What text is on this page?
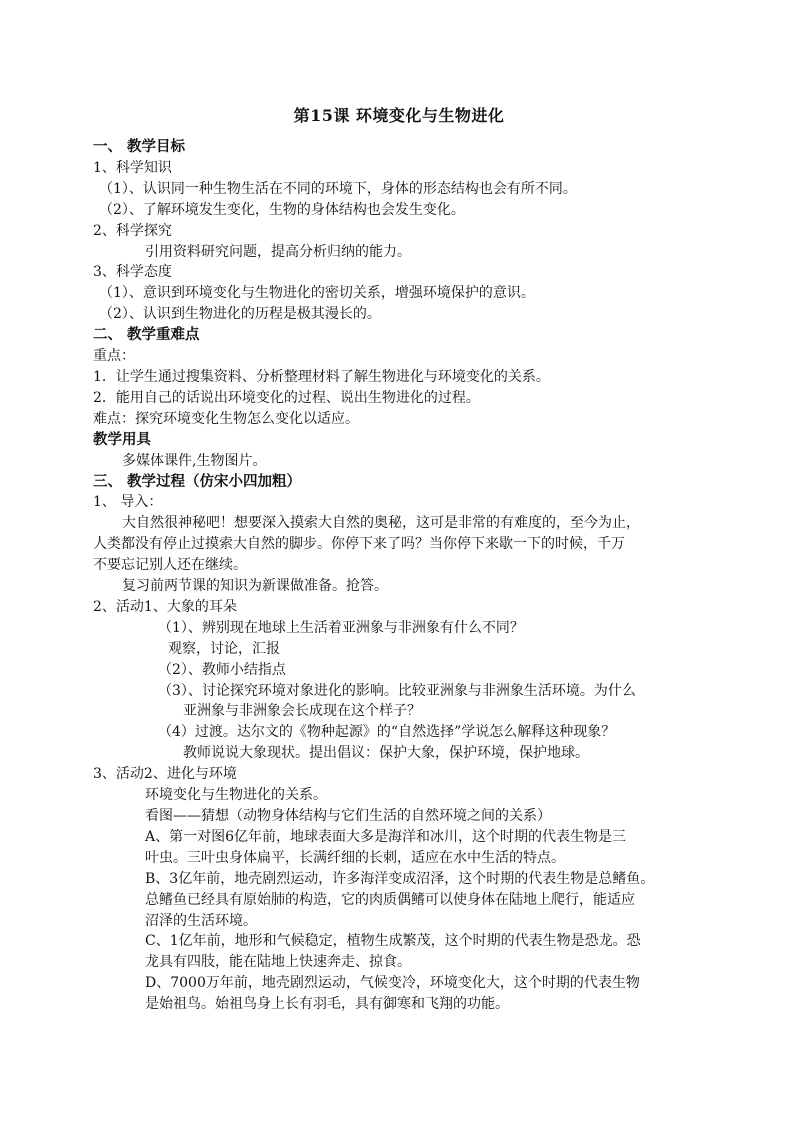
第15课 环境变化与生物进化
一、 教学目标
1、科学知识
（1）、认识同一种生物生活在不同的环境下，身体的形态结构也会有所不同。
（2）、了解环境发生变化，生物的身体结构也会发生变化。
2、科学探究
引用资料研究问题，提高分析归纳的能力。
3、科学态度
（1）、意识到环境变化与生物进化的密切关系，增强环境保护的意识。
（2）、认识到生物进化的历程是极其漫长的。
二、 教学重难点
重点：
1．让学生通过搜集资料、分析整理材料了解生物进化与环境变化的关系。
2．能用自己的话说出环境变化的过程、说出生物进化的过程。
难点：探究环境变化生物怎么变化以适应。
教学用具
多媒体课件,生物图片。
三、 教学过程（仿宋小四加粗）
1、 导入：
大自然很神秘吧！想要深入摸索大自然的奥秘，这可是非常的有难度的，至今为止，
人类都没有停止过摸索大自然的脚步。你停下来了吗？当你停下来歇一下的时候，千万
不要忘记别人还在继续。
复习前两节课的知识为新课做准备。抢答。
2、活动1、大象的耳朵
（1）、辨别现在地球上生活着亚洲象与非洲象有什么不同？
观察，讨论，汇报
（2）、教师小结指点
（3）、讨论探究环境对象进化的影响。比较亚洲象与非洲象生活环境。为什么
亚洲象与非洲象会长成现在这个样子？
（4）过渡。达尔文的《物种起源》的“自然选择”学说怎么解释这种现象？
教师说说大象现状。提出倡议：保护大象，保护环境，保护地球。
3、活动2、进化与环境
环境变化与生物进化的关系。
看图——猜想（动物身体结构与它们生活的自然环境之间的关系）
A、第一对图6亿年前，地球表面大多是海洋和冰川，这个时期的代表生物是三
叶虫。三叶虫身体扁平，长满纤细的长刺，适应在水中生活的特点。
B、3亿年前，地壳剧烈运动，许多海洋变成沼泽，这个时期的代表生物是总鳍鱼。
总鳍鱼已经具有原始肺的构造，它的肉质偶鳍可以使身体在陆地上爬行，能适应
沼泽的生活环境。
C、1亿年前，地形和气候稳定，植物生成繁茂，这个时期的代表生物是恐龙。恐
龙具有四肢，能在陆地上快速奔走、掠食。
D、7000万年前，地壳剧烈运动，气候变冷，环境变化大，这个时期的代表生物
是始祖鸟。始祖鸟身上长有羽毛，具有御寒和飞翔的功能。
